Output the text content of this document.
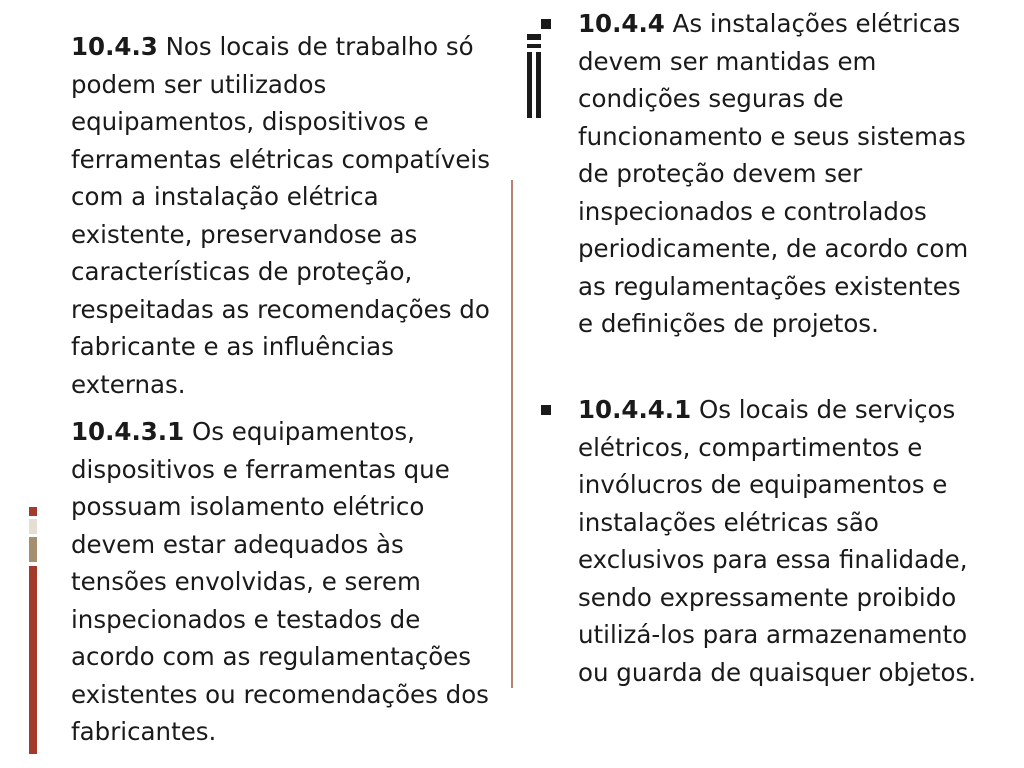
10.4.3 Nos locais de trabalho só podem ser utilizados equipamentos, dispositivos e ferramentas elétricas compatíveis com a instalação elétrica existente, preservandose as características de proteção, respeitadas as recomendações do fabricante e as influências externas.

10.4.3.1 Os equipamentos, dispositivos e ferramentas que possuam isolamento elétrico devem estar adequados às tensões envolvidas, e serem inspecionados e testados de acordo com as regulamentações existentes ou recomendações dos fabricantes.

10.4.4 As instalações elétricas devem ser mantidas em condições seguras de funcionamento e seus sistemas de proteção devem ser inspecionados e controlados periodicamente, de acordo com as regulamentações existentes e definições de projetos.

10.4.4.1 Os locais de serviços elétricos, compartimentos e invólucros de equipamentos e instalações elétricas são exclusivos para essa finalidade, sendo expressamente proibido utilizá-los para armazenamento ou guarda de quaisquer objetos.
